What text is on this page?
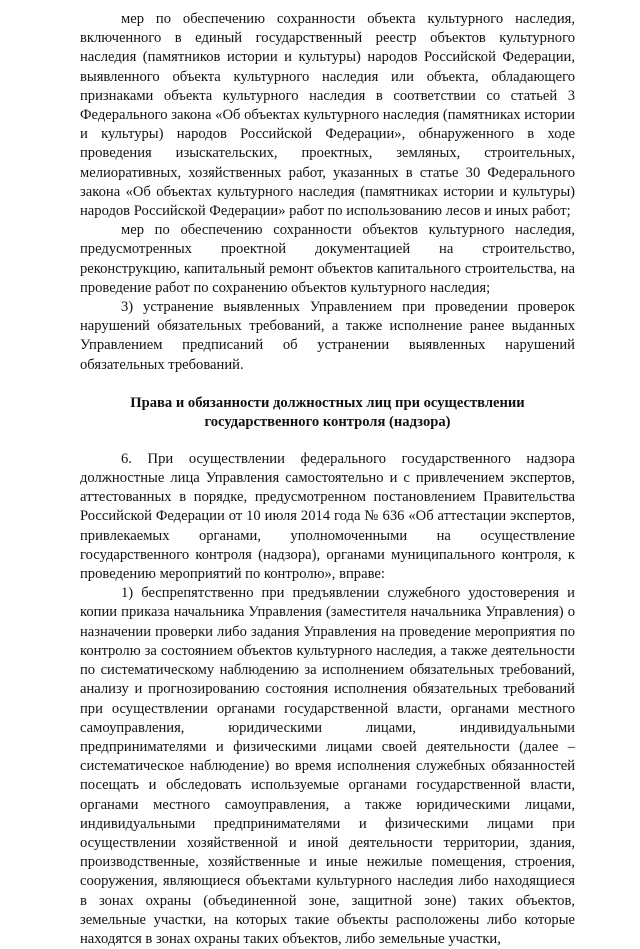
мер по обеспечению сохранности объекта культурного наследия, включенного в единый государственный реестр объектов культурного наследия (памятников истории и культуры) народов Российской Федерации, выявленного объекта культурного наследия или объекта, обладающего признаками объекта культурного наследия в соответствии со статьей 3 Федерального закона «Об объектах культурного наследия (памятниках истории и культуры) народов Российской Федерации», обнаруженного в ходе проведения изыскательских, проектных, земляных, строительных, мелиоративных, хозяйственных работ, указанных в статье 30 Федерального закона «Об объектах культурного наследия (памятниках истории и культуры) народов Российской Федерации» работ по использованию лесов и иных работ;

мер по обеспечению сохранности объектов культурного наследия, предусмотренных проектной документацией на строительство, реконструкцию, капитальный ремонт объектов капитального строительства, на проведение работ по сохранению объектов культурного наследия;

3) устранение выявленных Управлением при проведении проверок нарушений обязательных требований, а также исполнение ранее выданных Управлением предписаний об устранении выявленных нарушений обязательных требований.

Права и обязанности должностных лиц при осуществлении
государственного контроля (надзора)

6. При осуществлении федерального государственного надзора должностные лица Управления самостоятельно и с привлечением экспертов, аттестованных в порядке, предусмотренном постановлением Правительства Российской Федерации от 10 июля 2014 года № 636 «Об аттестации экспертов, привлекаемых органами, уполномоченными на осуществление государственного контроля (надзора), органами муниципального контроля, к проведению мероприятий по контролю», вправе:

1) беспрепятственно при предъявлении служебного удостоверения и копии приказа начальника Управления (заместителя начальника Управления) о назначении проверки либо задания Управления на проведение мероприятия по контролю за состоянием объектов культурного наследия, а также деятельности по систематическому наблюдению за исполнением обязательных требований, анализу и прогнозированию состояния исполнения обязательных требований при осуществлении органами государственной власти, органами местного самоуправления, юридическими лицами, индивидуальными предпринимателями и физическими лицами своей деятельности (далее – систематическое наблюдение) во время исполнения служебных обязанностей посещать и обследовать используемые органами государственной власти, органами местного самоуправления, а также юридическими лицами, индивидуальными предпринимателями и физическими лицами при осуществлении хозяйственной и иной деятельности территории, здания, производственные, хозяйственные и иные нежилые помещения, строения, сооружения, являющиеся объектами культурного наследия либо находящиеся в зонах охраны (объединенной зоне, защитной зоне) таких объектов, земельные участки, на которых такие объекты расположены либо которые находятся в зонах охраны таких объектов, либо земельные участки,
